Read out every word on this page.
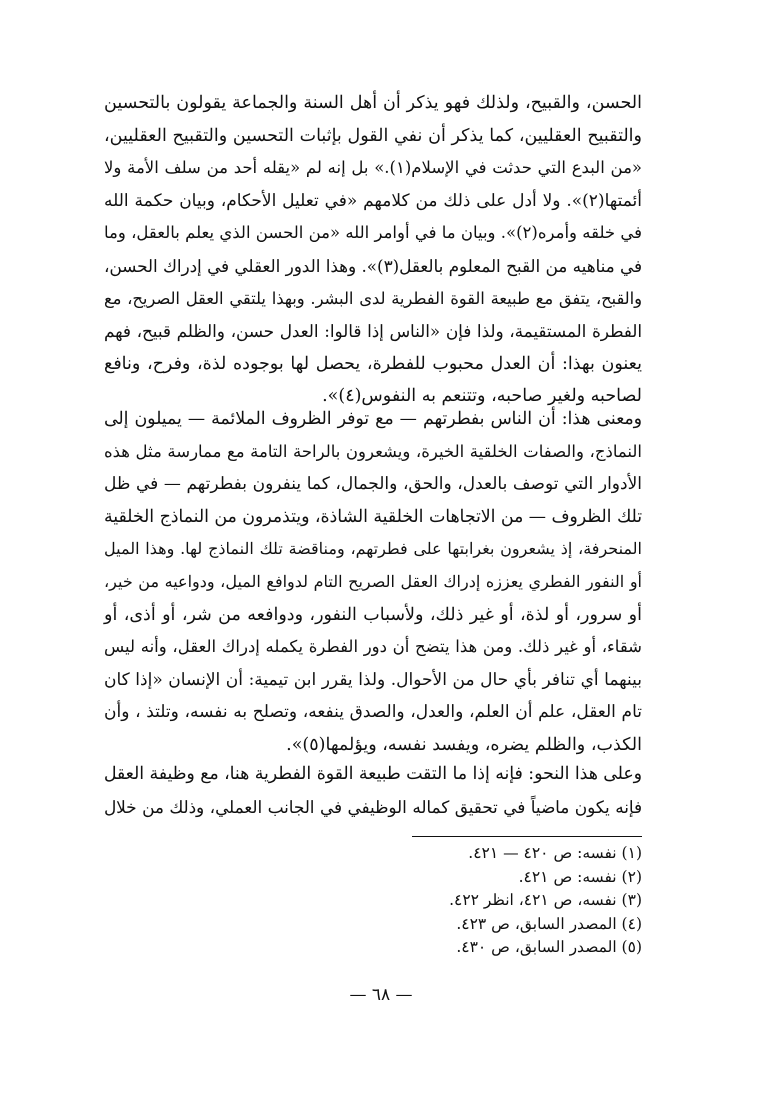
الحسن، والقبيح، ولذلك فهو يذكر أن أهل السنة والجماعة يقولون بالتحسين
والتقبيح العقليين، كما يذكر أن نفي القول بإثبات التحسين والتقبيح العقليين،
«من البدع التي حدثت في الإسلام(١).» بل إنه لم «يقله أحد من سلف الأمة ولا
أئمتها(٢)». ولا أدل على ذلك من كلامهم «في تعليل الأحكام، وبيان حكمة الله
في خلقه وأمره(٢)». وبيان ما في أوامر الله «من الحسن الذي يعلم بالعقل، وما
في مناهيه من القبح المعلوم بالعقل(٣)». وهذا الدور العقلي في إدراك الحسن،
والقبح، يتفق مع طبيعة القوة الفطرية لدى البشر. وبهذا يلتقي العقل الصريح، مع
الفطرة المستقيمة، ولذا فإن «الناس إذا قالوا: العدل حسن، والظلم قبيح، فهم
يعنون بهذا: أن العدل محبوب للفطرة، يحصل لها بوجوده لذة، وفرح، ونافع
لصاحبه ولغير صاحبه، وتتنعم به النفوس(٤)».

ومعنى هذا: أن الناس بفطرتهم — مع توفر الظروف الملائمة — يميلون إلى
النماذج، والصفات الخلقية الخيرة، ويشعرون بالراحة التامة مع ممارسة مثل هذه
الأدوار التي توصف بالعدل، والحق، والجمال، كما ينفرون بفطرتهم — في ظل
تلك الظروف — من الاتجاهات الخلقية الشاذة، ويتذمرون من النماذج الخلقية
المنحرفة، إذ يشعرون بغرابتها على فطرتهم، ومناقضة تلك النماذج لها. وهذا الميل
أو النفور الفطري يعززه إدراك العقل الصريح التام لدوافع الميل، ودواعيه من خير،
أو سرور، أو لذة، أو غير ذلك، ولأسباب النفور، ودوافعه من شر، أو أذى، أو
شقاء، أو غير ذلك. ومن هذا يتضح أن دور الفطرة يكمله إدراك العقل، وأنه ليس
بينهما أي تنافر بأي حال من الأحوال. ولذا يقرر ابن تيمية: أن الإنسان «إذا كان
تام العقل، علم أن العلم، والعدل، والصدق ينفعه، وتصلح به نفسه، وتلتذ ، وأن
الكذب، والظلم يضره، ويفسد نفسه، ويؤلمها(٥)».

وعلى هذا النحو: فإنه إذا ما التقت طبيعة القوة الفطرية هنا، مع وظيفة العقل
فإنه يكون ماضياً في تحقيق كماله الوظيفي في الجانب العملي، وذلك من خلال

(١) نفسه: ص ٤٢٠ — ٤٢١.
(٢) نفسه: ص ٤٢١.
(٣) نفسه، ص ٤٢١، انظر ٤٢٢.
(٤) المصدر السابق، ص ٤٢٣.
(٥) المصدر السابق، ص ٤٣٠.
— ٦٨ —
